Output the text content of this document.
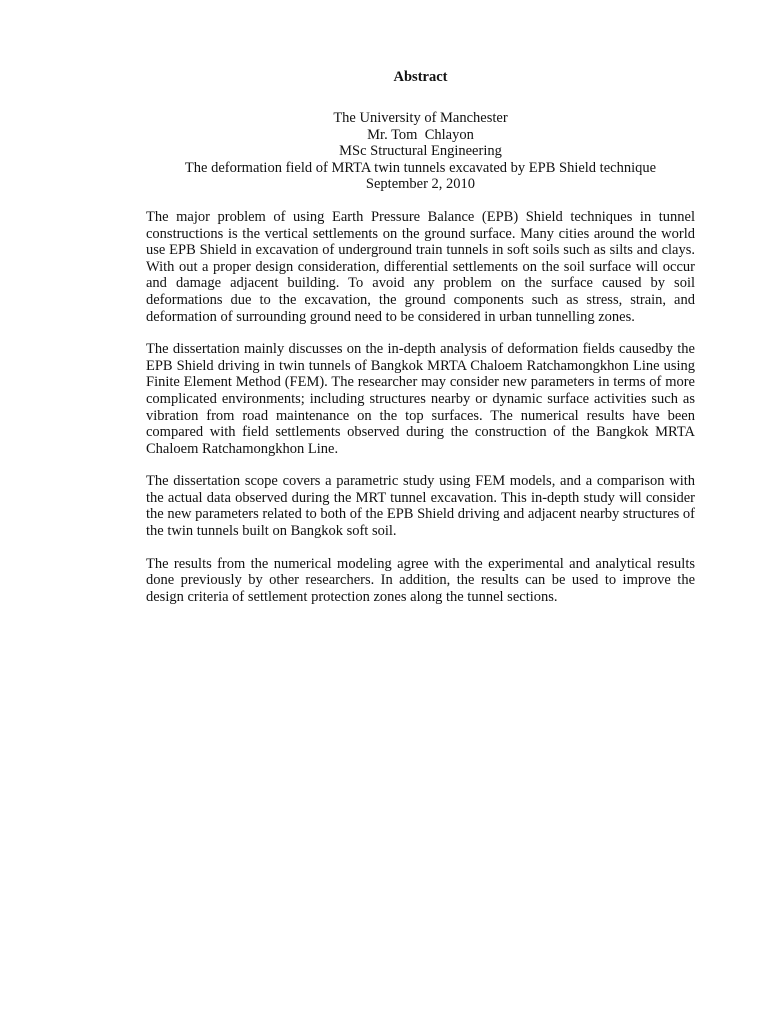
Abstract
The University of Manchester
Mr. Tom  Chlayon
MSc Structural Engineering
The deformation field of MRTA twin tunnels excavated by EPB Shield technique
September 2, 2010

The major problem of using Earth Pressure Balance (EPB) Shield techniques in tunnel constructions is the vertical settlements on the ground surface. Many cities around the world use EPB Shield in excavation of underground train tunnels in soft soils such as silts and clays. With out a proper design consideration, differential settlements on the soil surface will occur and damage adjacent building. To avoid any problem on the surface caused by soil deformations due to the excavation, the ground components such as stress, strain, and deformation of surrounding ground need to be considered in urban tunnelling zones.

The dissertation mainly discusses on the in-depth analysis of deformation fields causedby the EPB Shield driving in twin tunnels of Bangkok MRTA Chaloem Ratchamongkhon Line using Finite Element Method (FEM). The researcher may consider new parameters in terms of more complicated environments; including structures nearby or dynamic surface activities such as vibration from road maintenance on the top surfaces. The numerical results have been compared with field settlements observed during the construction of the Bangkok MRTA Chaloem Ratchamongkhon Line.

The dissertation scope covers a parametric study using FEM models, and a comparison with the actual data observed during the MRT tunnel excavation. This in-depth study will consider the new parameters related to both of the EPB Shield driving and adjacent nearby structures of the twin tunnels built on Bangkok soft soil.

The results from the numerical modeling agree with the experimental and analytical results done previously by other researchers. In addition, the results can be used to improve the design criteria of settlement protection zones along the tunnel sections.
